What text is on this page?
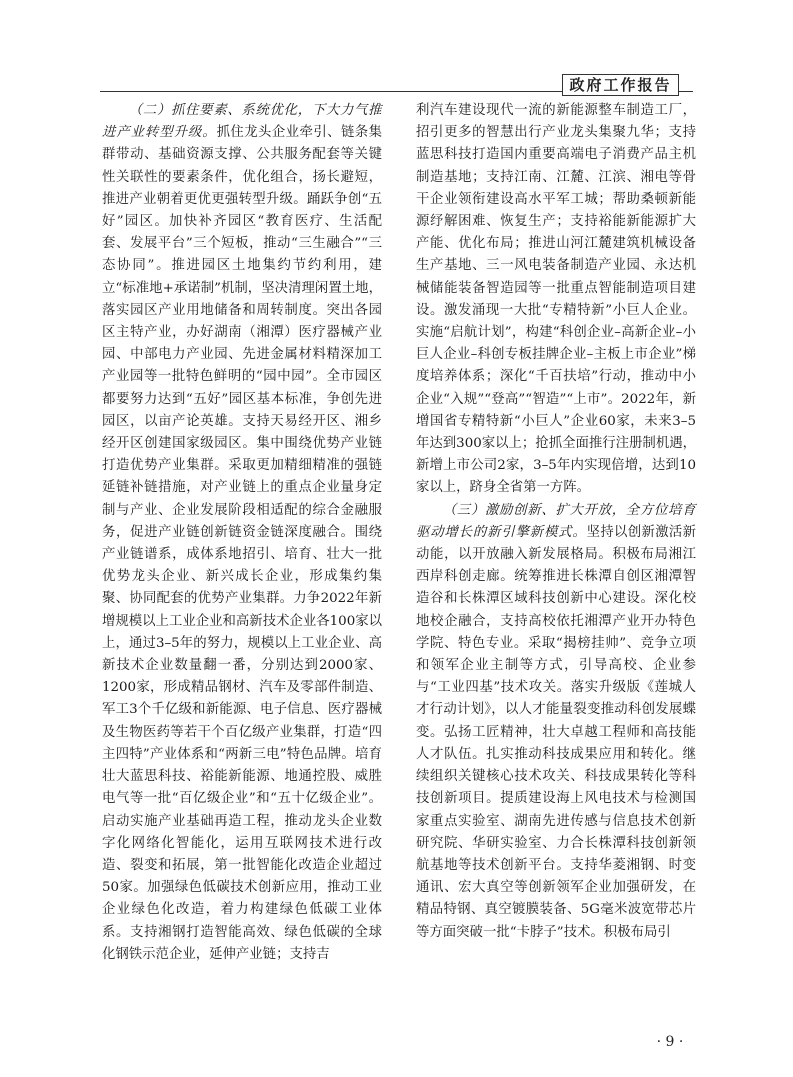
政府工作报告

（二）抓住要素、系统优化，下大力气推进产业转型升级。抓住龙头企业牵引、链条集群带动、基础资源支撑、公共服务配套等关键性关联性的要素条件，优化组合，扬长避短，推进产业朝着更优更强转型升级。踊跃争创“五好”园区。加快补齐园区“教育医疗、生活配套、发展平台”三个短板，推动“三生融合”“三态协同”。推进园区土地集约节约利用，建立“标准地+承诺制”机制，坚决清理闲置土地，落实园区产业用地储备和周转制度。突出各园区主特产业，办好湖南（湘潭）医疗器械产业园、中部电力产业园、先进金属材料精深加工产业园等一批特色鲜明的“园中园”。全市园区都要努力达到“五好”园区基本标准，争创先进园区，以亩产论英雄。支持天易经开区、湘乡经开区创建国家级园区。集中围绕优势产业链打造优势产业集群。采取更加精细精准的强链延链补链措施，对产业链上的重点企业量身定制与产业、企业发展阶段相适配的综合金融服务，促进产业链创新链资金链深度融合。围绕产业链谱系，成体系地招引、培育、壮大一批优势龙头企业、新兴成长企业，形成集约集聚、协同配套的优势产业集群。力争2022年新增规模以上工业企业和高新技术企业各100家以上，通过3–5年的努力，规模以上工业企业、高新技术企业数量翻一番，分别达到2000家、1200家，形成精品钢材、汽车及零部件制造、军工3个千亿级和新能源、电子信息、医疗器械及生物医药等若干个百亿级产业集群，打造“四主四特”产业体系和“两新三电”特色品牌。培育壮大蓝思科技、裕能新能源、地通控股、威胜电气等一批“百亿级企业”和“五十亿级企业”。启动实施产业基础再造工程，推动龙头企业数字化网络化智能化，运用互联网技术进行改造、裂变和拓展，第一批智能化改造企业超过50家。加强绿色低碳技术创新应用，推动工业企业绿色化改造，着力构建绿色低碳工业体系。支持湘钢打造智能高效、绿色低碳的全球化钢铁示范企业，延伸产业链；支持吉

利汽车建设现代一流的新能源整车制造工厂，招引更多的智慧出行产业龙头集聚九华；支持蓝思科技打造国内重要高端电子消费产品主机制造基地；支持江南、江麓、江滨、湘电等骨干企业领衔建设高水平军工城；帮助桑顿新能源纾解困难、恢复生产；支持裕能新能源扩大产能、优化布局；推进山河江麓建筑机械设备生产基地、三一风电装备制造产业园、永达机械储能装备智造园等一批重点智能制造项目建设。激发涌现一大批“专精特新”小巨人企业。实施“启航计划”，构建“科创企业–高新企业–小巨人企业–科创专板挂牌企业–主板上市企业”梯度培养体系；深化“千百扶培”行动，推动中小企业“入规”“登高”“智造”“上市”。2022年，新增国省专精特新“小巨人”企业60家，未来3–5年达到300家以上；抢抓全面推行注册制机遇，新增上市公司2家，3–5年内实现倍增，达到10家以上，跻身全省第一方阵。

（三）激励创新、扩大开放，全方位培育驱动增长的新引擎新模式。坚持以创新激活新动能，以开放融入新发展格局。积极布局湘江西岸科创走廊。统筹推进长株潭自创区湘潭智造谷和长株潭区域科技创新中心建设。深化校地校企融合，支持高校依托湘潭产业开办特色学院、特色专业。采取“揭榜挂帅”、竞争立项和领军企业主制等方式，引导高校、企业参与“工业四基”技术攻关。落实升级版《莲城人才行动计划》，以人才能量裂变推动科创发展蝶变。弘扬工匠精神，壮大卓越工程师和高技能人才队伍。扎实推动科技成果应用和转化。继续组织关键核心技术攻关、科技成果转化等科技创新项目。提质建设海上风电技术与检测国家重点实验室、湖南先进传感与信息技术创新研究院、华研实验室、力合长株潭科技创新领航基地等技术创新平台。支持华菱湘钢、时变通讯、宏大真空等创新领军企业加强研发，在精品特钢、真空镀膜装备、5G毫米波宽带芯片等方面突破一批“卡脖子”技术。积极布局引

· 9 ·
